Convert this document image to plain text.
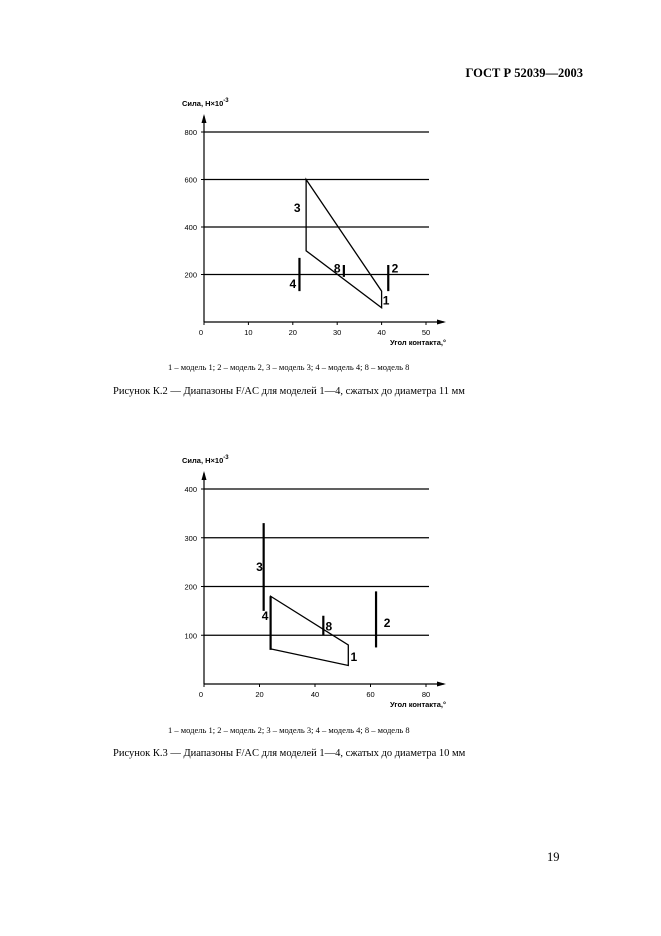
ГОСТ Р 52039—2003
200
400
600
800
0	10	20	30	40	50
Сила, $Н\times 10^{-3}$
Угол контакта,°
3
4
8	2
1
1 – модель 1; 2 – модель 2, 3 – модель 3; 4 – модель 4; 8 – модель 8
Рисунок К.2 — Диапазоны F/AC для моделей 1—4, сжатых до диаметра 11 мм
100
200
300
400
0	20	40	60	80
Сила, $Н\times 10^{-3}$
Угол контакта,°
3
4
8	2
1
1 – модель 1; 2 – модель 2; 3 – модель 3; 4 – модель 4; 8 – модель 8
Рисунок К.3 — Диапазоны F/AC для моделей 1—4, сжатых до диаметра 10 мм
19
